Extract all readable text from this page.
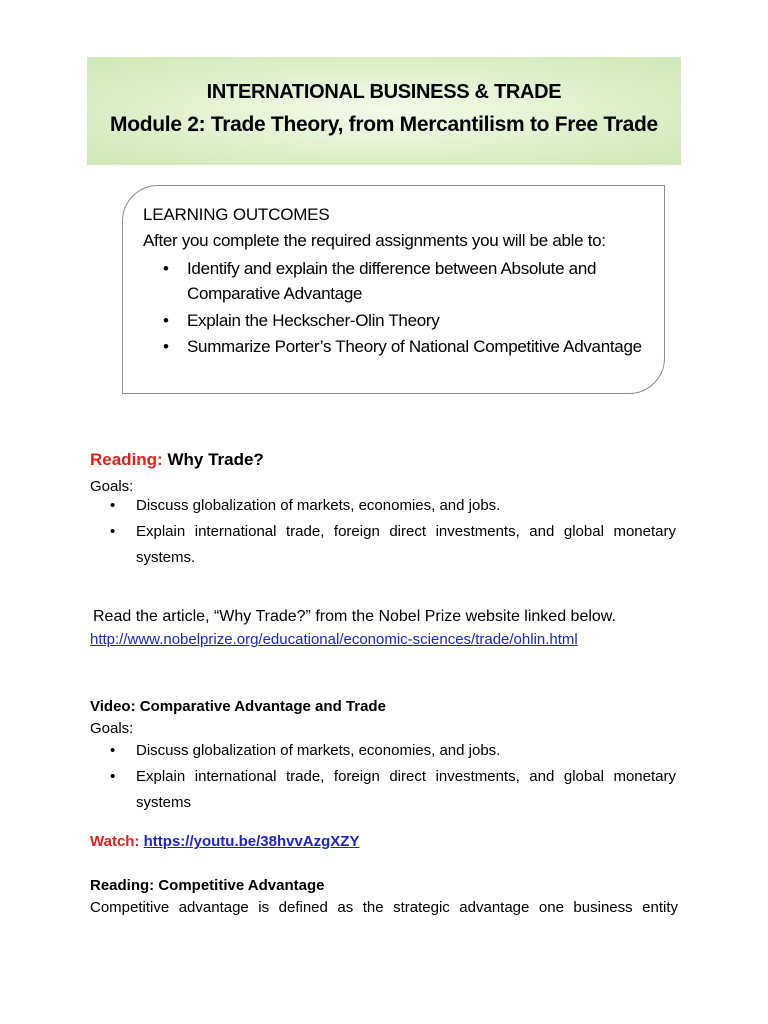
INTERNATIONAL BUSINESS & TRADE
Module 2: Trade Theory, from Mercantilism to Free Trade
LEARNING OUTCOMES
After you complete the required assignments you will be able to:
• Identify and explain the difference between Absolute and Comparative Advantage
• Explain the Heckscher-Olin Theory
• Summarize Porter’s Theory of National Competitive Advantage
Reading: Why Trade?
Goals:
• Discuss globalization of markets, economies, and jobs.
• Explain international trade, foreign direct investments, and global monetary systems.
Read the article, “Why Trade?” from the Nobel Prize website linked below.
http://www.nobelprize.org/educational/economic-sciences/trade/ohlin.html
Video: Comparative Advantage and Trade
Goals:
• Discuss globalization of markets, economies, and jobs.
• Explain international trade, foreign direct investments, and global monetary systems
Watch: https://youtu.be/38hvvAzgXZY
Reading: Competitive Advantage
Competitive advantage is defined as the strategic advantage one business entity
